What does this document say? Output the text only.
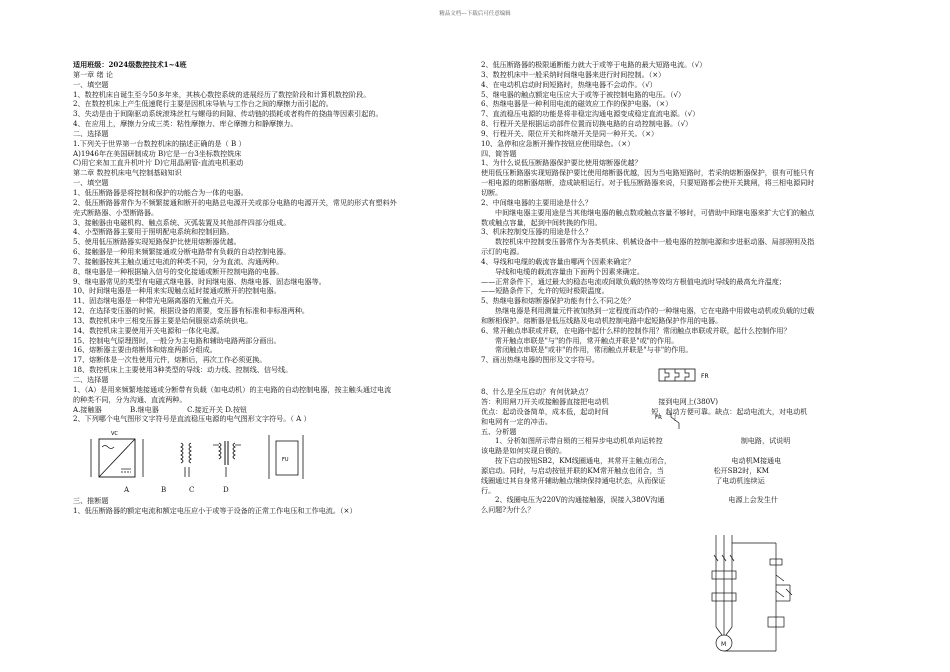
精品文档---下载后可任意编辑
适用班级：2024级数控技术1~4班
第一章 绪 论
一、填空题
1、数控机床自诞生至今50多年来，其核心数控系统的进展经历了数控阶段和计算机数控阶段。
2、在数控机床上产生低速爬行主要是因机床导轨与工作台之间的摩擦力而引起的。
3、失动是由于间隙驱动系统滚珠丝杠与螺母的间隙、传动链的损耗或者构件的挠曲等因素引起的。
4、在应用上，摩擦力分成三类：粘性摩擦力、库仑摩擦力和静摩擦力。
二、选择题
1.下列关于世界第一台数控机床的描述正确的是（ B ）
A)1946年在美国研制成功 B)它是一台3坐标数控铣床
C)用它来加工直升机叶片 D)它用晶闸管-直流电机驱动
第二章 数控机床电气控制基础知识
一、填空题
1、低压断路器是将控制和保护的功能合为一体的电器。
2、低压断路器常作为不频繁接通和断开的电路总电源开关或部分电路的电源开关，常见的形式有塑料外
壳式断路器、小型断路器。
3、接触器由电磁机构、触点系统、灭弧装置及其他部件四部分组成。
4、小型断路器主要用于照明配电系统和控制回路。
5、使用低压断路器实现短路保护比使用熔断器优越。
6、接触器是一种用来频繁接通或分断电路带有负载的自动控制电器。
7、接触器按其主触点通过电流的种类不同，分为直流、沟通两种。
8、继电器是一种根据输入信号的变化接通或断开控制电路的电器。
9、继电器常见的类型有电磁式继电器、时间继电器、热继电器、固态继电器等。
10、时间继电器是一种用来实现触点延时接通或断开的控制电器。
11、固态继电器是一种带光电隔离器的无触点开关。
12、在选择变压器的时候，根据设备的需要，变压器有标准和非标准两种。
13、数控机床中三相变压器主要是给伺服驱动系统供电。
14、数控机床主要使用开关电源和一体化电源。
15、控制电气原理图时，一般分为主电路和辅助电路两部分画出。
16、熔断器主要由熔断体和熔座两部分组成。
17、熔断体是一次性使用元件，熔断后，再次工作必须更换。
18、数控机床上主要使用3种类型的导线：动力线、控制线、信号线。
二、选择题
1、（A）是用来频繁地接通或分断带有负载（如电动机）的主电路的自动控制电器，按主触头通过电流
的种类不同，分为沟通、直流两种。
A.接触器　　　　B.继电器　　　　C.接近开关 D.按钮
2、下列哪个电气图形文字符号是直流稳压电源的电气图形文字符号。（ A ）
VC
FU
A	B	C	D
三、推断题
1、低压断路器的额定电流和额定电压应小于或等于设备的正常工作电压和工作电流。（×）
2、低压断路器的极限通断能力就大于或等于电路的最大短路电流。（√）
3、数控机床中一般采纳时间继电器来进行时间控制。（×）
4、在电动机启动时间短路时，热继电器不会动作。（√）
5、继电器的触点额定电压应大于或等于被控制电路的电压。（√）
6、热继电器是一种利用电流的磁效应工作的保护电器。（×）
7、直流稳压电源的功能是将非稳定沟通电源变成稳定直流电源。（√）
8、行程开关是根据运动部件位置而切换电路的自动控制电器。（√）
9、行程开关、限位开关和终端开关是同一种开关。（×）
10、急停和应急断开操作按钮应使用绿色。（×）
四、简答题
1、为什么说低压断路器保护要比使用熔断器优越？
使用低压断路器实现短路保护要比使用熔断器优越，因为当电路短路时，若采纳熔断器保护，很有可能只有
一相电源的熔断器熔断，造成缺相运行。对于低压断路器来说，只要短路都会使开关跳闸，将三相电源同时
切断。
2、中间继电器的主要用途是什么？
中间继电器主要用途是当其他继电器的触点数或触点容量不够时，可借助中间继电器来扩大它们的触点
数或触点容量，起到中间转换的作用。
3、机床控制变压器的用途是什么？
数控机床中控制变压器常作为各类机床、机械设备中一般电器的控制电源和步进驱动器、局部照明及指
示灯的电源。
4、导线和电缆的载流容量由哪两个因素来确定？
导线和电缆的载流容量由下面两个因素来确定。
——正常条件下，通过最大的稳态电流或间歇负载的热等效均方根值电流时导线的最高允许温度；
——短路条件下，允许的短时极限温度。
5、热继电器和熔断器保护功能有什么不同之处？
热继电器是利用测量元件被加热到一定程度而动作的一种继电器，它在电路中用做电动机或负载的过载
和断相保护。熔断器是低压线路及电动机控制电路中起短路保护作用的电器。
6、常开触点串联或并联，在电路中起什么样的控制作用？常闭触点串联或并联，起什么控制作用？
常开触点串联是"与"的作用，常开触点并联是"或"的作用。
常闭触点串联是"或非"的作用，常闭触点并联是"与非"的作用。
7、画出热继电器的图形及文字符号。
FR
8、什么是全压启动？有何优缺点？
答：利用闸刀开关或接触器直接把电动机　　　　　　　接到电网上(380V)
优点：起动设备简单，成本低，起动时间　　　　　　短，起动方便可靠。缺点：起动电流大，对电动机
和电网有一定的冲击。	FR
五、分析题
1、分析如图所示带自锁的三相异步电动机单向运转控　　　　　　　　　　　制电路，试说明
该电路是如何实现自锁的。
按下启动按钮SB2，KM线圈通电，其常开主触点闭合，　　　　　　　　　电动机M接通电
源启动。同时，与启动按钮并联的KM常开触点也闭合，当　　　　　　　松开SB2时，KM
线圈通过其自身常开辅助触点继续保持通电状态，从而保证　　　　　　　了电动机连续运
行。
2、线圈电压为220V的沟通接触器，误接入380V沟通　　　　　　　　　电源上会发生什
么问题?为什么？
M
